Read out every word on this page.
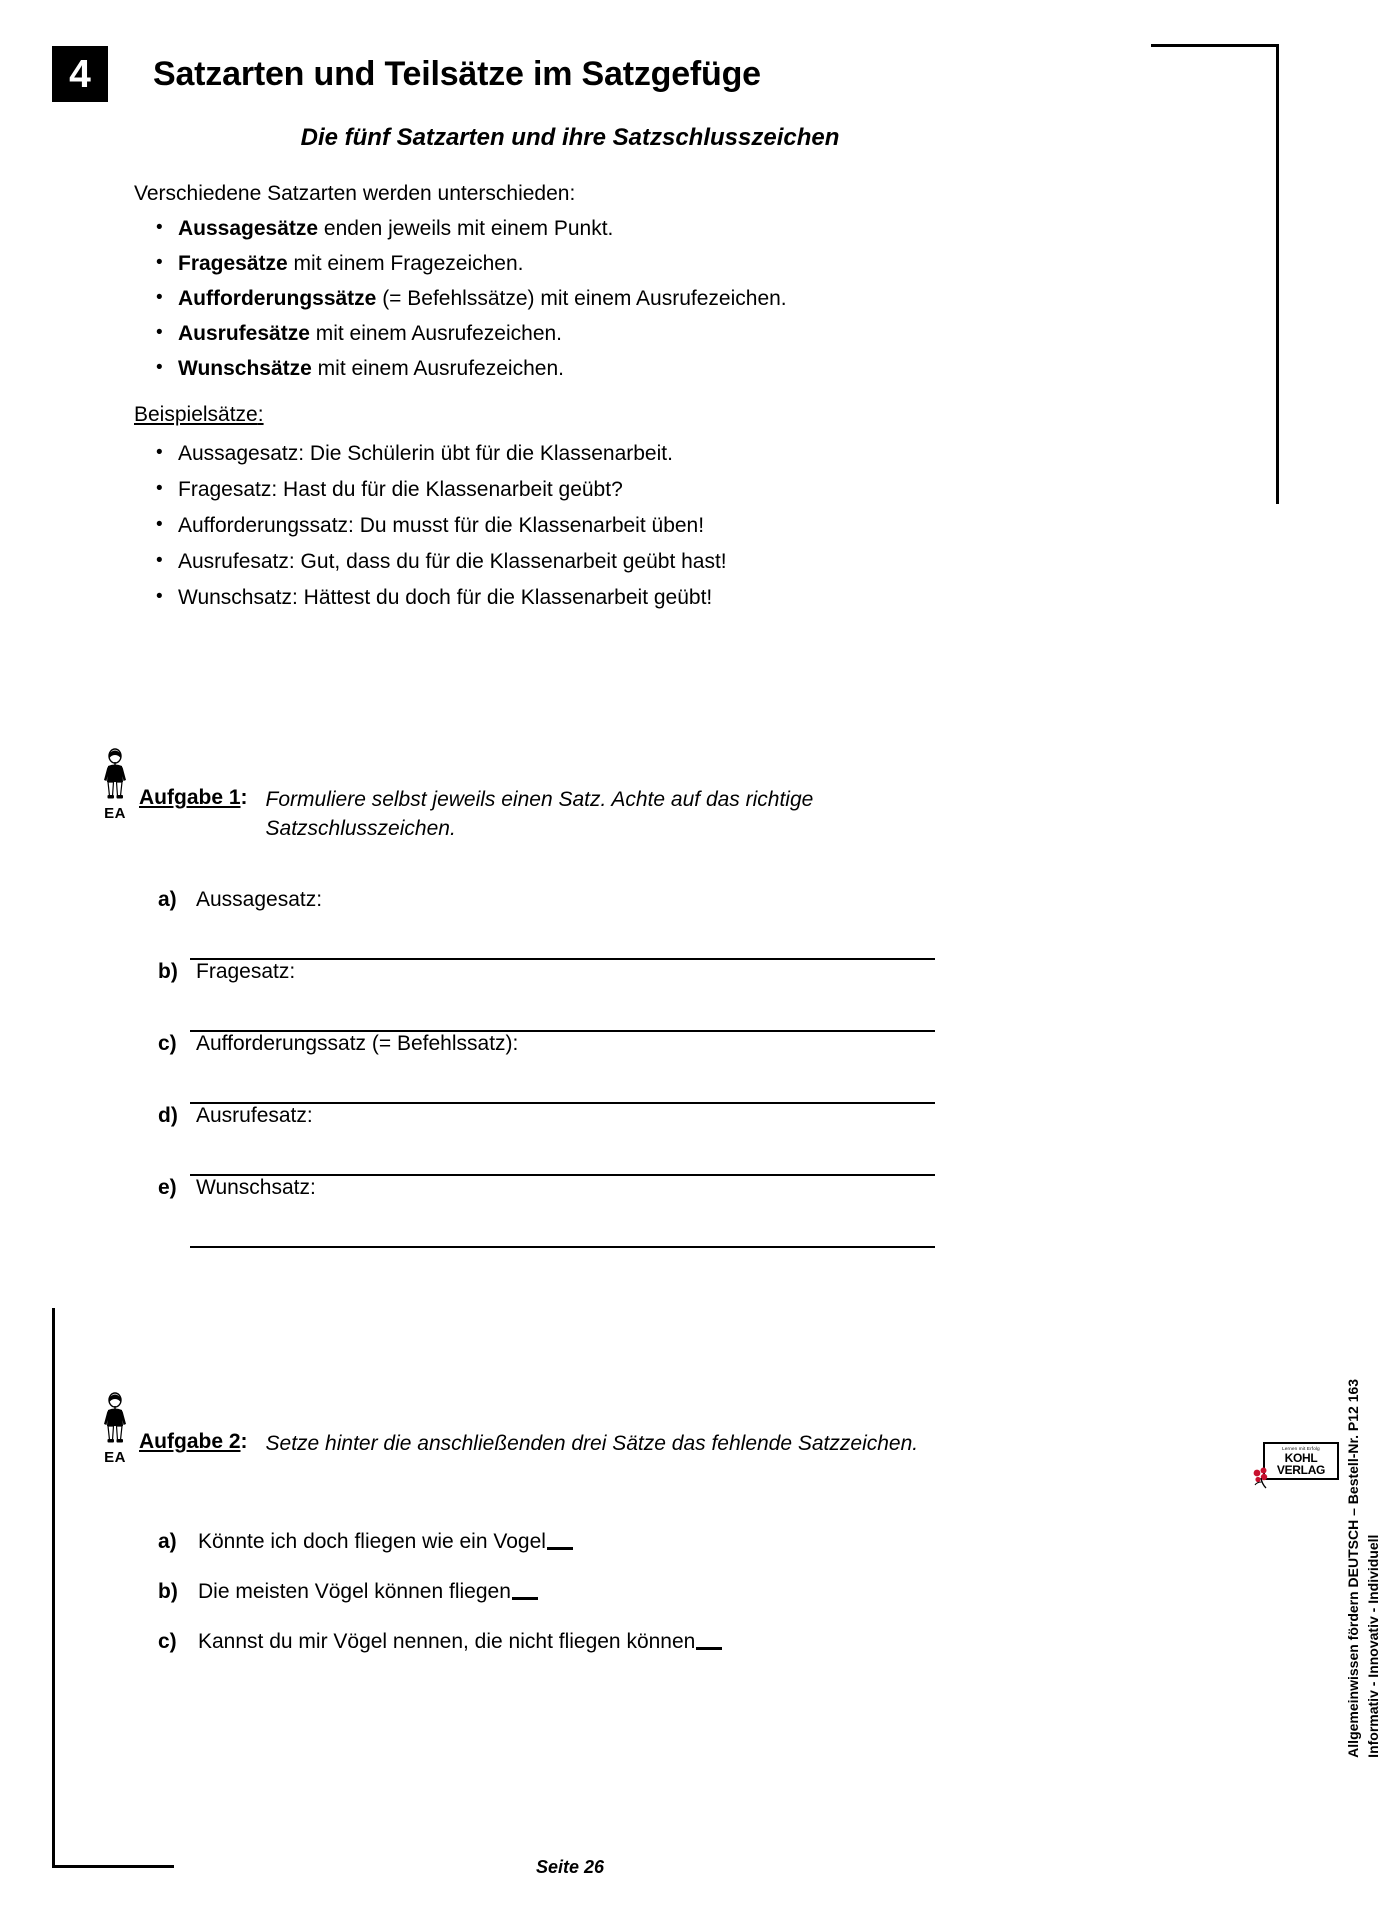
4	Satzarten und Teilsätze im Satzgefüge
Die fünf Satzarten und ihre Satzschlusszeichen
Verschiedene Satzarten werden unterschieden:
• Aussagesätze enden jeweils mit einem Punkt.
• Fragesätze mit einem Fragezeichen.
• Aufforderungssätze (= Befehlssätze) mit einem Ausrufezeichen.
• Ausrufesätze mit einem Ausrufezeichen.
• Wunschsätze mit einem Ausrufezeichen.
Beispielsätze:
• Aussagesatz: Die Schülerin übt für die Klassenarbeit.
• Fragesatz: Hast du für die Klassenarbeit geübt?
• Aufforderungssatz: Du musst für die Klassenarbeit üben!
• Ausrufesatz: Gut, dass du für die Klassenarbeit geübt hast!
• Wunschsatz: Hättest du doch für die Klassenarbeit geübt!
EA
Aufgabe 1 : Formuliere selbst jeweils einen Satz. Achte auf das richtige Satzschlusszeichen.
a) Aussagesatz:
b) Fragesatz:
c) Aufforderungssatz (= Befehlssatz):
d) Ausrufesatz:
e) Wunschsatz:
EA
Aufgabe 2 : Setze hinter die anschließenden drei Sätze das fehlende Satzzeichen.
a) Könnte ich doch fliegen wie ein Vogel
b) Die meisten Vögel können fliegen
c) Kannst du mir Vögel nennen, die nicht fliegen können	Allgemeinwissen fördern DEUTSCH – Bestell-Nr. P12 163 Informativ - Innovativ - Individuell
Lernen mit Erfolg
KOHL VERLAG
Seite 26
